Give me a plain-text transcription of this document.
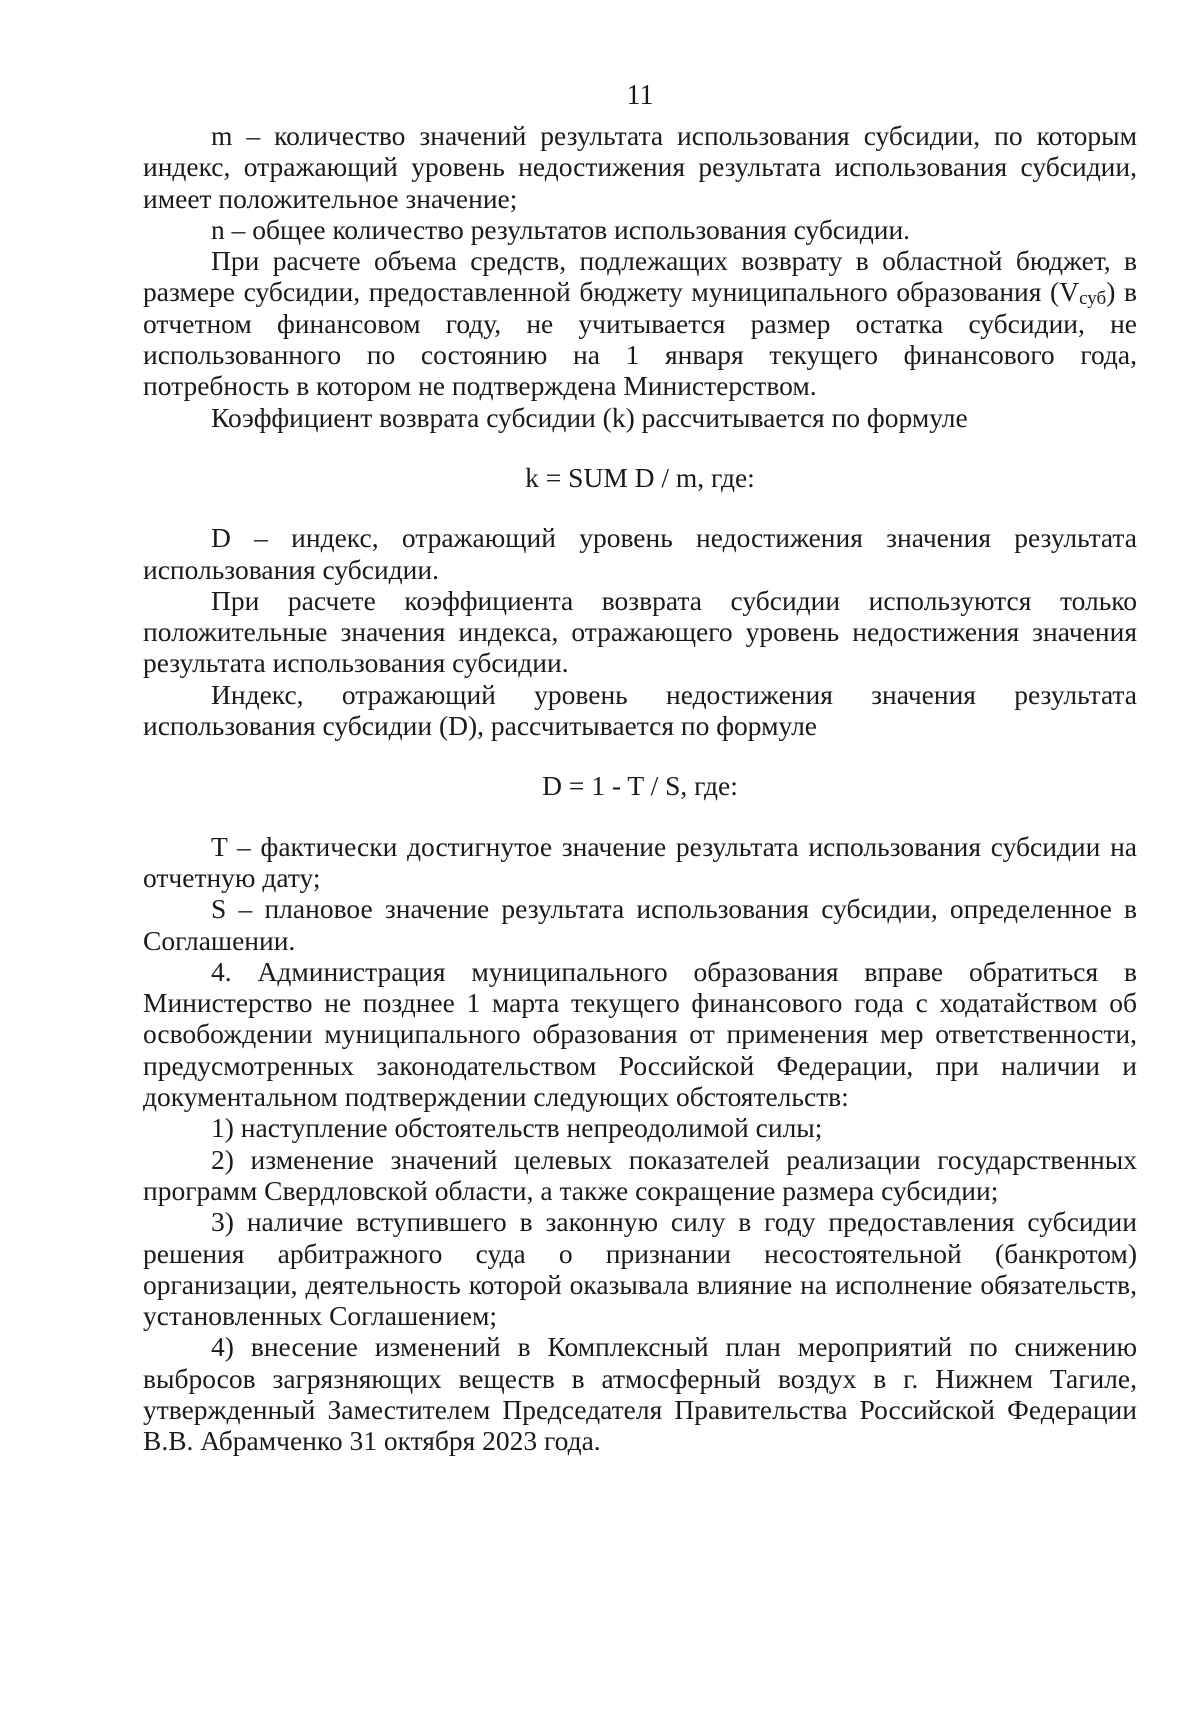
11

m – количество значений результата использования субсидии, по которым индекс, отражающий уровень недостижения результата использования субсидии, имеет положительное значение;

n – общее количество результатов использования субсидии.

При расчете объема средств, подлежащих возврату в областной бюджет, в размере субсидии, предоставленной бюджету муниципального образования $(V_{суб})$ в отчетном финансовом году, не учитывается размер остатка субсидии, не использованного по состоянию на 1 января текущего финансового года, потребность в котором не подтверждена Министерством.

Коэффициент возврата субсидии (k) рассчитывается по формуле

k = SUM D / m, где:

D – индекс, отражающий уровень недостижения значения результата использования субсидии.

При расчете коэффициента возврата субсидии используются только положительные значения индекса, отражающего уровень недостижения значения результата использования субсидии.

Индекс, отражающий уровень недостижения значения результата использования субсидии (D), рассчитывается по формуле

D = 1 - T / S, где:

T – фактически достигнутое значение результата использования субсидии на отчетную дату;

S – плановое значение результата использования субсидии, определенное в Соглашении.

4. Администрация муниципального образования вправе обратиться в Министерство не позднее 1 марта текущего финансового года с ходатайством об освобождении муниципального образования от применения мер ответственности, предусмотренных законодательством Российской Федерации, при наличии и документальном подтверждении следующих обстоятельств:

1) наступление обстоятельств непреодолимой силы;

2) изменение значений целевых показателей реализации государственных программ Свердловской области, а также сокращение размера субсидии;

3) наличие вступившего в законную силу в году предоставления субсидии решения арбитражного суда о признании несостоятельной (банкротом) организации, деятельность которой оказывала влияние на исполнение обязательств, установленных Соглашением;

4) внесение изменений в Комплексный план мероприятий по снижению выбросов загрязняющих веществ в атмосферный воздух в г. Нижнем Тагиле, утвержденный Заместителем Председателя Правительства Российской Федерации В.В. Абрамченко 31 октября 2023 года.
